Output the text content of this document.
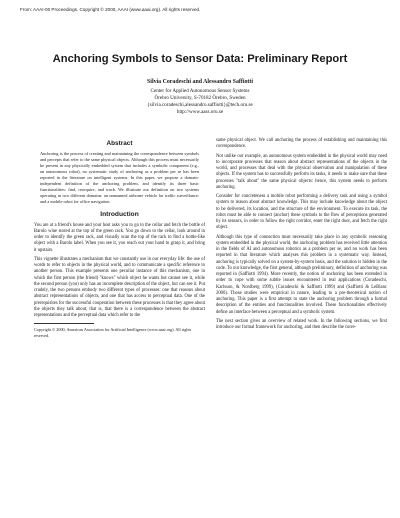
From: AAAI-00 Proceedings. Copyright © 2000, AAAI (www.aaai.org). All rights reserved.
Anchoring Symbols to Sensor Data: Preliminary Report
Silvia Coradeschi and Alessandro Saffiotti
Center for Applied Autonomous Sensor Systems
Örebro University, S-70182 Örebro, Sweden
{silvia.coradeschi,alessandro.saffiotti}@tech.oru.se
http://www.aass.oru.se
Abstract
Anchoring is the process of creating and maintaining the correspondence between symbols and percepts that refer to the same physical objects. Although this process must necessarily be present in any physically embedded system that includes a symbolic component (e.g., an autonomous robot), no systematic study of anchoring as a problem per se has been reported in the literature on intelligent systems. In this paper, we propose a domain-independent definition of the anchoring problem, and identify its three basic functionalities: find, reacquire, and track. We illustrate our definition on two systems operating in two different domains: an unmanned airborne vehicle for traffic surveillance; and a mobile robot for office navigation.
Introduction
You are at a friend's house and your host asks you to go to the cellar and fetch the bottle of Barolo wine stored at the top of the green rack. You go down to the cellar, look around in order to identify the green rack, and visually scan the top of the rack to find a bottle-like object with a Barolo label. When you see it, you reach out your hand to grasp it, and bring it upstairs.
This vignette illustrates a mechanism that we constantly use in our everyday life: the use of words to refer to objects in the physical world, and to communicate a specific reference to another person. This example presents one peculiar instance of this mechanism, one in which the first person (the friend) "knows" which object he wants but cannot see it, while the second person (you) only has an incomplete description of the object, but can see it. Put crudely, the two persons embody two different types of processes: one that reasons about abstract representations of objects, and one that has access to perceptual data. One of the prerequisites for the successful cooperation between these processes is that they agree about the objects they talk about, that is, that there is a correspondence between the abstract representations and the perceptual data which refer to the
Copyright © 2000, American Association for Artificial Intelligence (www.aaai.org). All rights reserved.
same physical object. We call anchoring the process of establishing and maintaining this correspondence.
Not unlike our example, an autonomous system embedded in the physical world may need to incorporate processes that reason about abstract representations of the objects in the world, and processes that deal with the physical observation and manipulation of these objects. If the system has to successfully perform its tasks, it needs to make sure that these processes "talk about" the same physical objects: hence, this system needs to perform anchoring.
Consider for concreteness a mobile robot performing a delivery task and using a symbol system to reason about abstract knowledge. This may include knowledge about the object to be delivered, its location, and the structure of the environment. To execute its task, the robot must be able to connect (anchor) these symbols to the flow of perceptions generated by its sensors, in order to follow the right corridor, enter the right door, and fetch the right object.
Although this type of connection must necessarily take place in any symbolic reasoning system embedded in the physical world, the anchoring problem has received little attention in the fields of AI and autonomous robotics as a problem per se, and no work has been reported in that literature which analyses this problem in a systematic way. Instead, anchoring is typically solved on a system-by-system basis, and the solution is hidden in the code. To our knowledge, the first general, although preliminary, definition of anchoring was reported in (Saffiotti 1994). More recently, the notion of anchoring has been extended in order to cope with some subtle issues encountered in real applications (Coradeschi, Karlsson, & Nordberg 1999), (Coradeschi & Saffiotti 1999) and (Saffiotti & LeBlanc 2000). Those studies were empirical in nature, leading to a pre-theoretical notion of anchoring. This paper is a first attempt to state the anchoring problem through a formal description of the entities and functionalities involved. These functionalities effectively define an interface between a perceptual and a symbolic system.
The next section gives an overview of related work. In the following sections, we first introduce our formal framework for anchoring, and then describe the corre-
